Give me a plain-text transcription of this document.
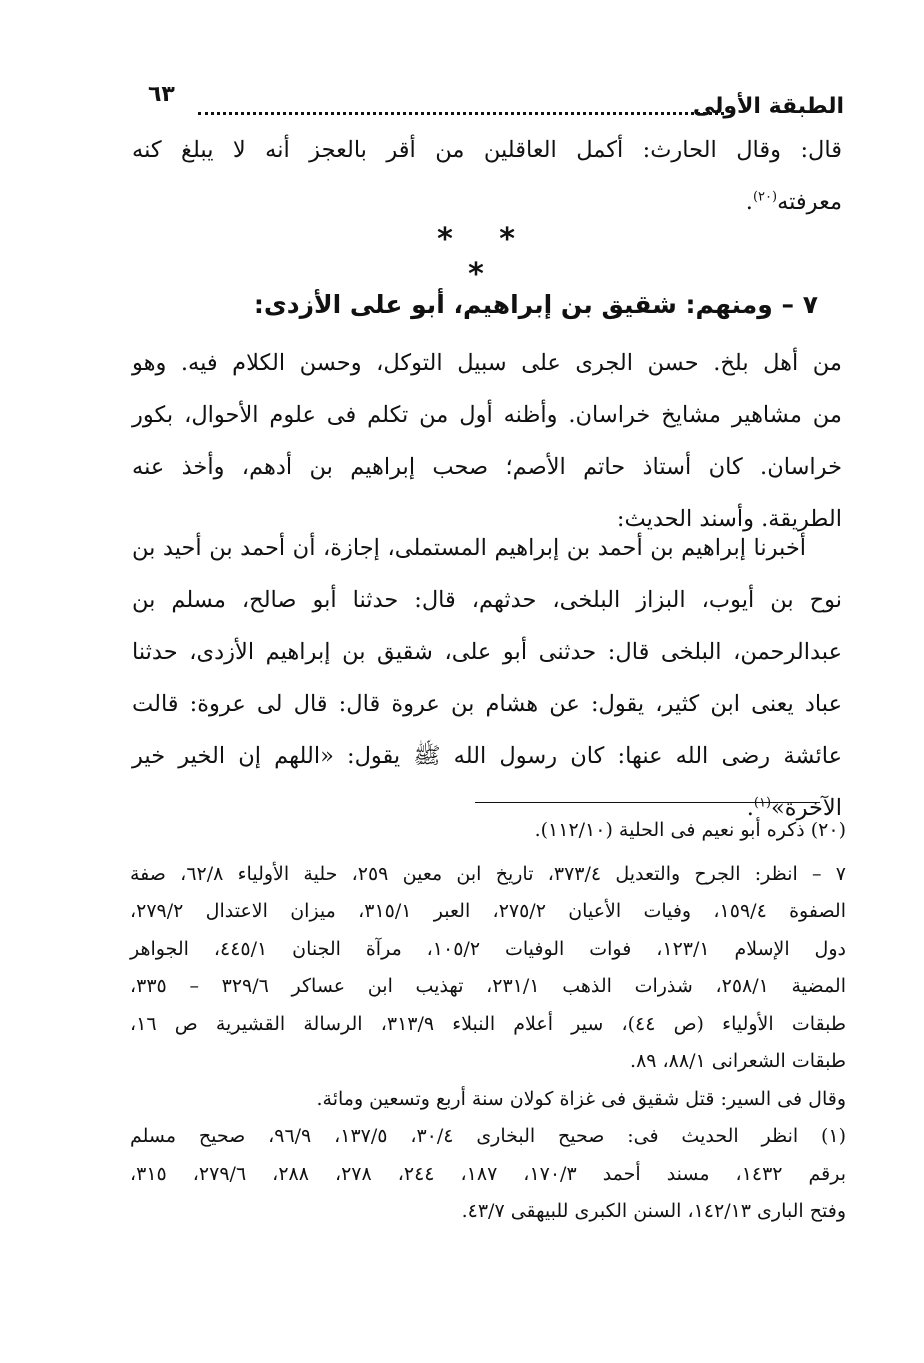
الطبقة الأولى
٦٣
قال: وقال الحارث: أكمل العاقلين من أقر بالعجز أنه لا يبلغ كنه
معرفته$^{(٢٠)}$.
* * *
٧ – ومنهم: شقيق بن إبراهيم، أبو على الأزدى:
من أهل بلخ. حسن الجرى على سبيل التوكل، وحسن الكلام فيه. وهو
من مشاهير مشايخ خراسان. وأظنه أول من تكلم فى علوم الأحوال، بكور
خراسان. كان أستاذ حاتم الأصم؛ صحب إبراهيم بن أدهم، وأخذ عنه
الطريقة. وأسند الحديث:
أخبرنا إبراهيم بن أحمد بن إبراهيم المستملى، إجازة، أن أحمد بن أحيد بن
نوح بن أيوب، البزاز البلخى، حدثهم، قال: حدثنا أبو صالح، مسلم بن
عبدالرحمن، البلخى قال: حدثنى أبو على، شقيق بن إبراهيم الأزدى، حدثنا
عباد يعنى ابن كثير، يقول: عن هشام بن عروة قال: قال لى عروة: قالت
عائشة رضى الله عنها: كان رسول الله ﷺ يقول: «اللهم إن الخير خير
الآخرة»$^{(١)}$.
(٢٠) ذكره أبو نعيم فى الحلية (١١٢/١٠).
٧ – انظر: الجرح والتعديل ٣٧٣/٤، تاريخ ابن معين ٢٥٩، حلية الأولياء ٦٢/٨، صفة
الصفوة ١٥٩/٤، وفيات الأعيان ٢٧٥/٢، العبر ٣١٥/١، ميزان الاعتدال ٢٧٩/٢،
دول الإسلام ١٢٣/١، فوات الوفيات ١٠٥/٢، مرآة الجنان ٤٤٥/١، الجواهر
المضية ٢٥٨/١، شذرات الذهب ٢٣١/١، تهذيب ابن عساكر ٣٢٩/٦ – ٣٣٥،
طبقات الأولياء (ص ٤٤)، سير أعلام النبلاء ٣١٣/٩، الرسالة القشيرية ص ١٦،
طبقات الشعرانى ٨٨/١، ٨٩.
وقال فى السير: قتل شقيق فى غزاة كولان سنة أربع وتسعين ومائة.
(١) انظر الحديث فى: صحيح البخارى ٣٠/٤، ١٣٧/٥، ٩٦/٩، صحيح مسلم
برقم ١٤٣٢، مسند أحمد ١٧٠/٣، ١٨٧، ٢٤٤، ٢٧٨، ٢٨٨، ٢٧٩/٦، ٣١٥،
وفتح البارى ١٤٢/١٣، السنن الكبرى للبيهقى ٤٣/٧.
